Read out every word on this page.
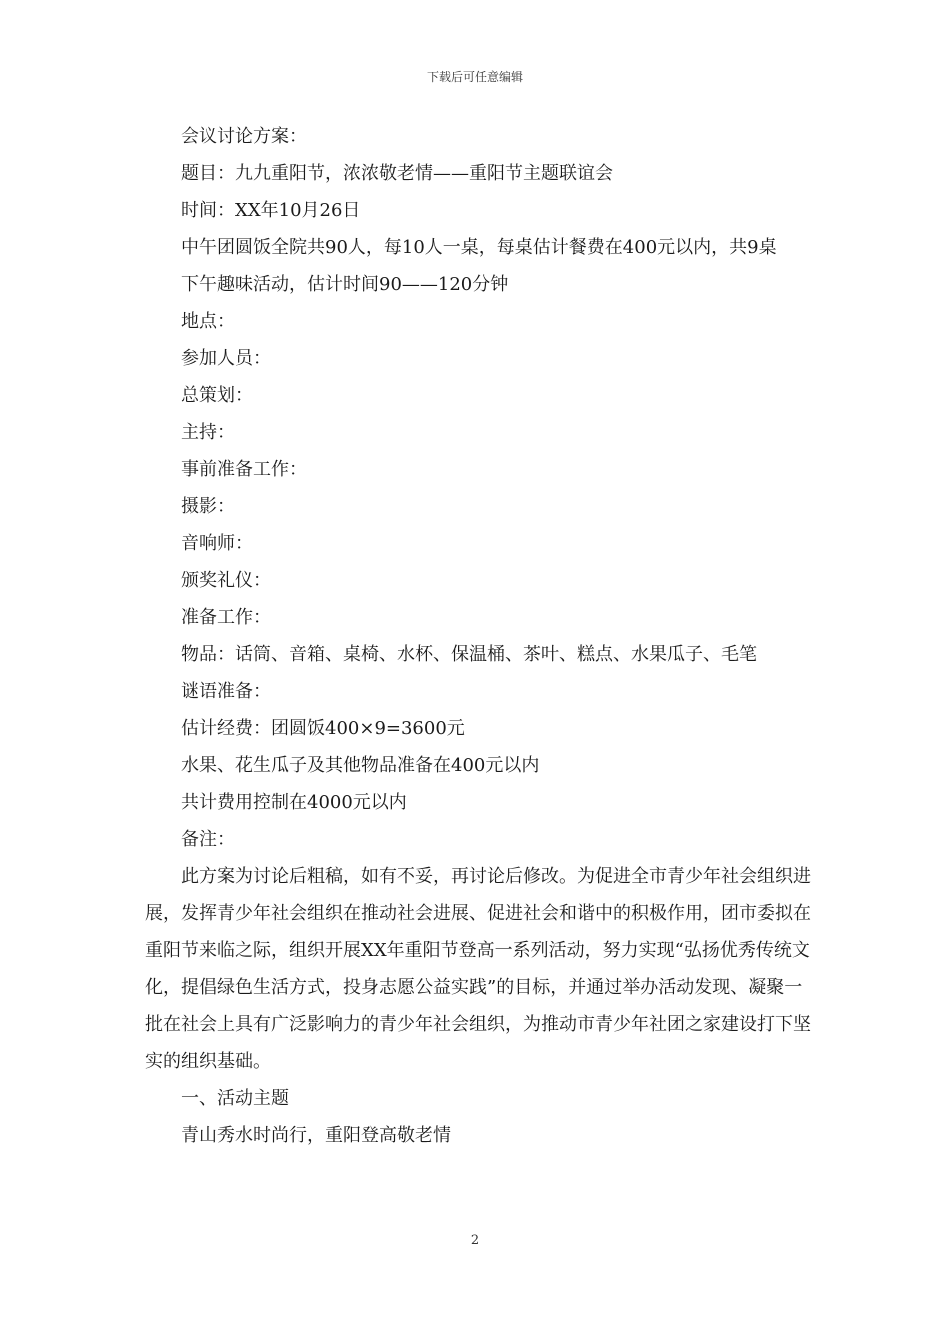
下载后可任意编辑
会议讨论方案：
题目：九九重阳节，浓浓敬老情——重阳节主题联谊会
时间：XX年10月26日
中午团圆饭全院共90人，每10人一桌，每桌估计餐费在400元以内，共9桌
下午趣味活动，估计时间90——120分钟
地点：
参加人员：
总策划：
主持：
事前准备工作：
摄影：
音响师：
颁奖礼仪：
准备工作：
物品：话筒、音箱、桌椅、水杯、保温桶、茶叶、糕点、水果瓜子、毛笔
谜语准备：
估计经费：团圆饭400×9=3600元
水果、花生瓜子及其他物品准备在400元以内
共计费用控制在4000元以内
备注：
此方案为讨论后粗稿，如有不妥，再讨论后修改。为促进全市青少年社会组织进展，发挥青少年社会组织在推动社会进展、促进社会和谐中的积极作用，团市委拟在重阳节来临之际，组织开展XX年重阳节登高一系列活动，努力实现“弘扬优秀传统文化，提倡绿色生活方式，投身志愿公益实践”的目标，并通过举办活动发现、凝聚一批在社会上具有广泛影响力的青少年社会组织，为推动市青少年社团之家建设打下坚实的组织基础。
一、活动主题
青山秀水时尚行，重阳登高敬老情
2
